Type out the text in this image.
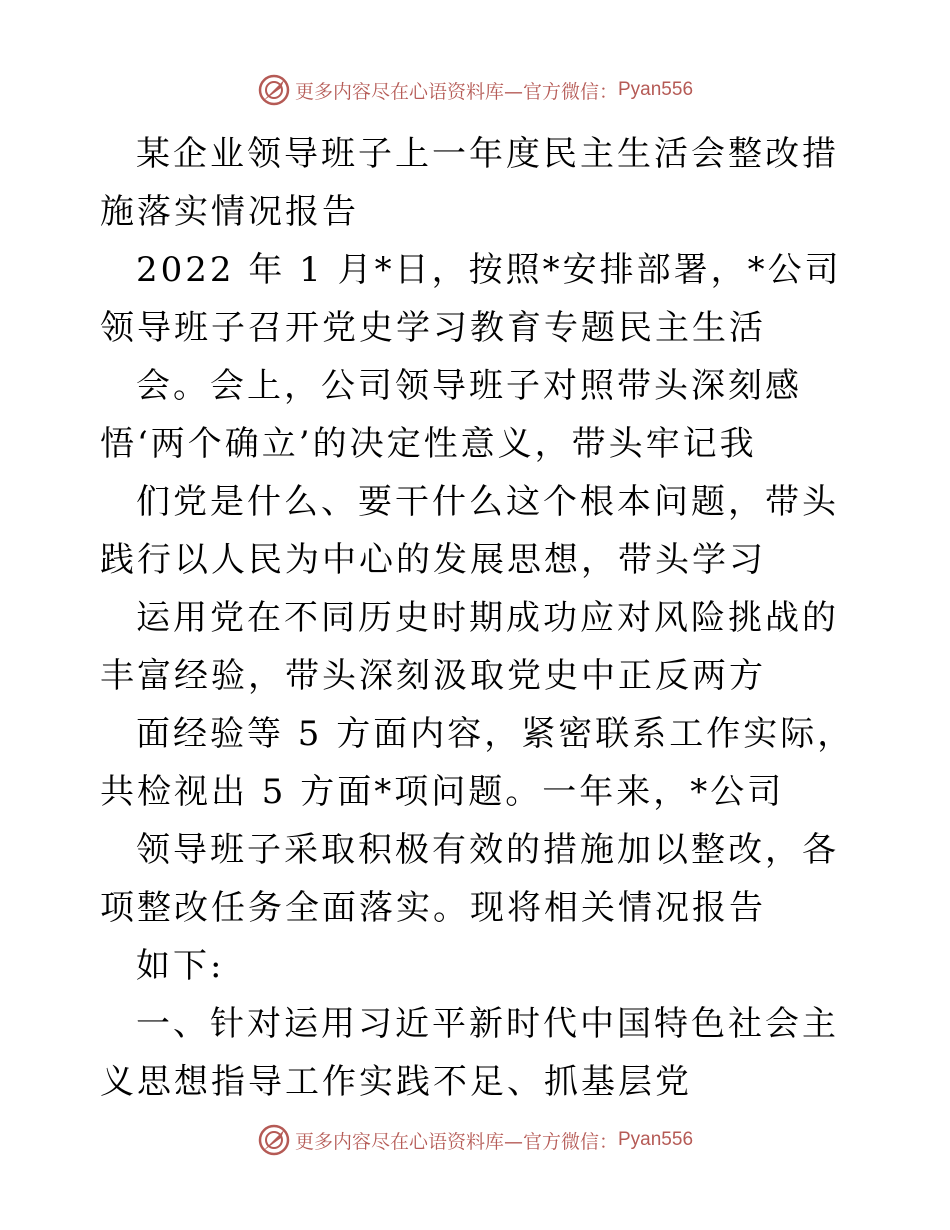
更多内容尽在心语资料库—官方微信： Pyan556

某企业领导班子上一年度民主生活会整改措施落实情况报告

2022 年 1 月*日，按照*安排部署，*公司领导班子召开党史学习教育专题民主生活

会。会上，公司领导班子对照带头深刻感悟‘两个确立’的决定性意义，带头牢记我

们党是什么、要干什么这个根本问题，带头践行以人民为中心的发展思想，带头学习

运用党在不同历史时期成功应对风险挑战的丰富经验，带头深刻汲取党史中正反两方

面经验等 5 方面内容，紧密联系工作实际，共检视出 5 方面*项问题。一年来，*公司

领导班子采取积极有效的措施加以整改，各项整改任务全面落实。现将相关情况报告

如下:

一、针对运用习近平新时代中国特色社会主义思想指导工作实践不足、抓基层党

更多内容尽在心语资料库—官方微信： Pyan556
